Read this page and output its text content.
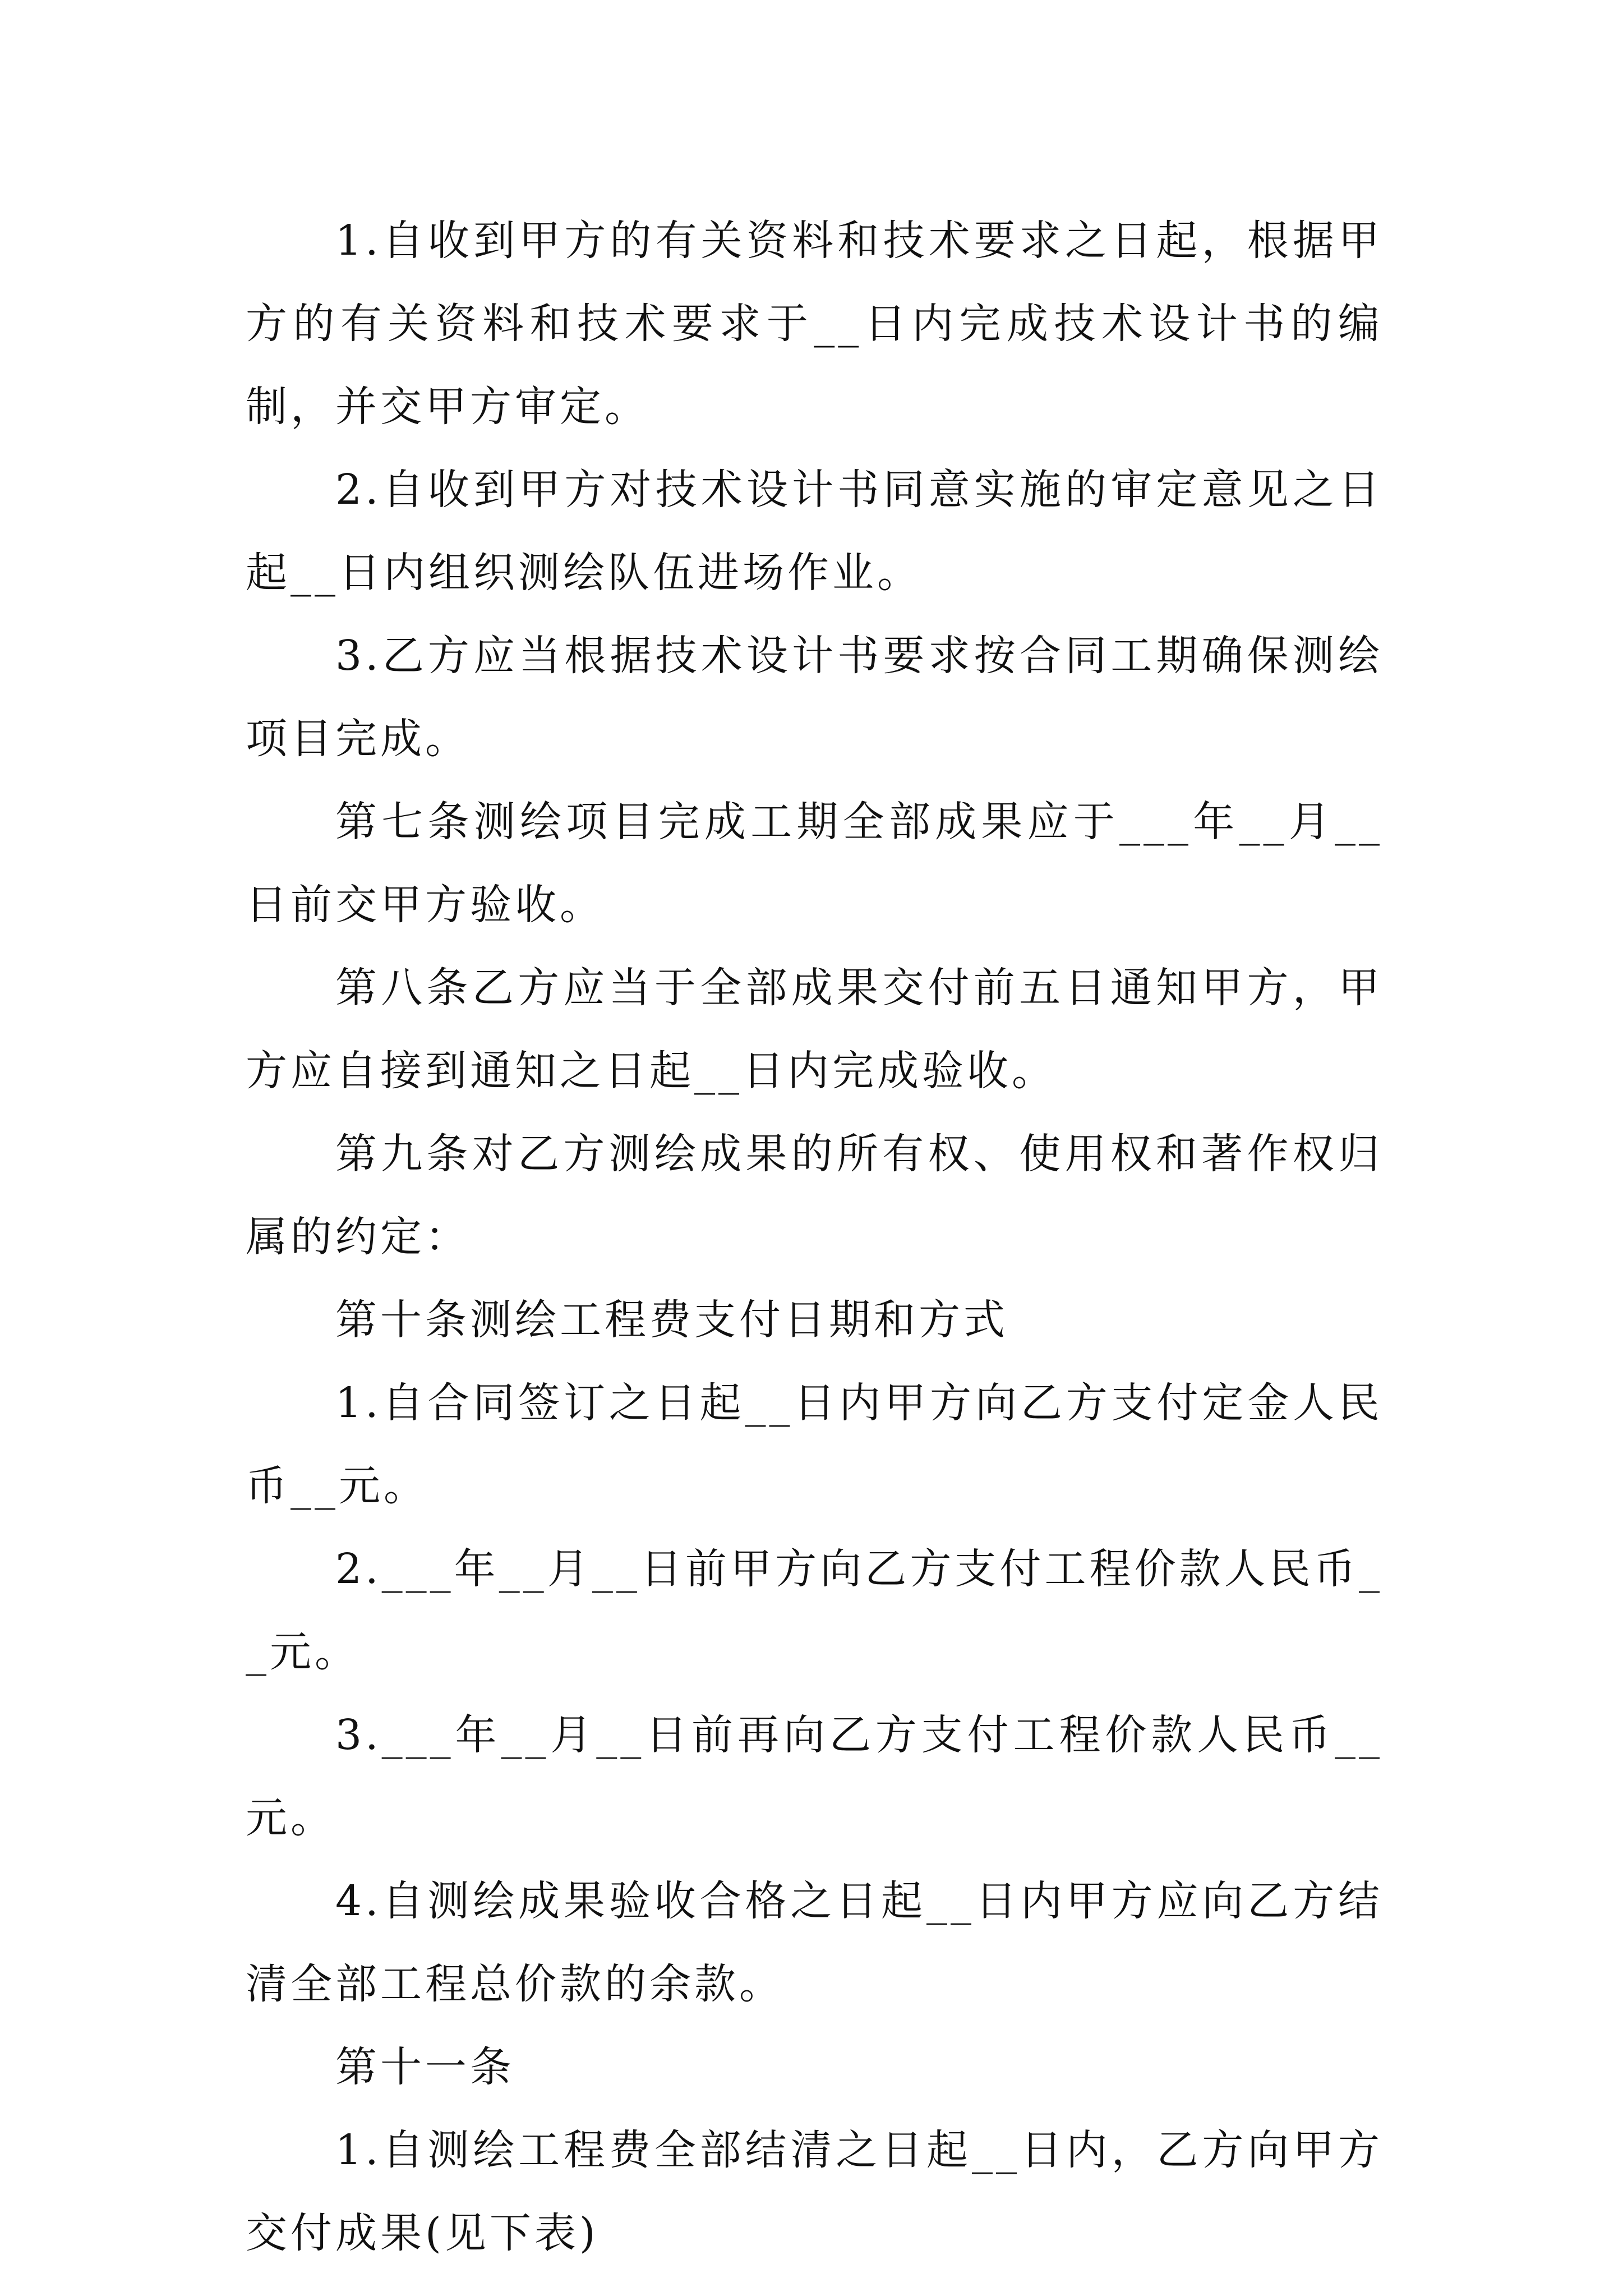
1.自收到甲方的有关资料和技术要求之日起，根据甲方的有关资料和技术要求于__日内完成技术设计书的编制，并交甲方审定。

2.自收到甲方对技术设计书同意实施的审定意见之日起__日内组织测绘队伍进场作业。

3.乙方应当根据技术设计书要求按合同工期确保测绘项目完成。

第七条测绘项目完成工期全部成果应于___年__月__日前交甲方验收。

第八条乙方应当于全部成果交付前五日通知甲方，甲方应自接到通知之日起__日内完成验收。

第九条对乙方测绘成果的所有权、使用权和著作权归属的约定：

第十条测绘工程费支付日期和方式

1.自合同签订之日起__日内甲方向乙方支付定金人民币__元。

2.___年__月__日前甲方向乙方支付工程价款人民币__元。

3.___年__月__日前再向乙方支付工程价款人民币__元。

4.自测绘成果验收合格之日起__日内甲方应向乙方结清全部工程总价款的余款。

第十一条

1.自测绘工程费全部结清之日起__日内，乙方向甲方交付成果(见下表)
